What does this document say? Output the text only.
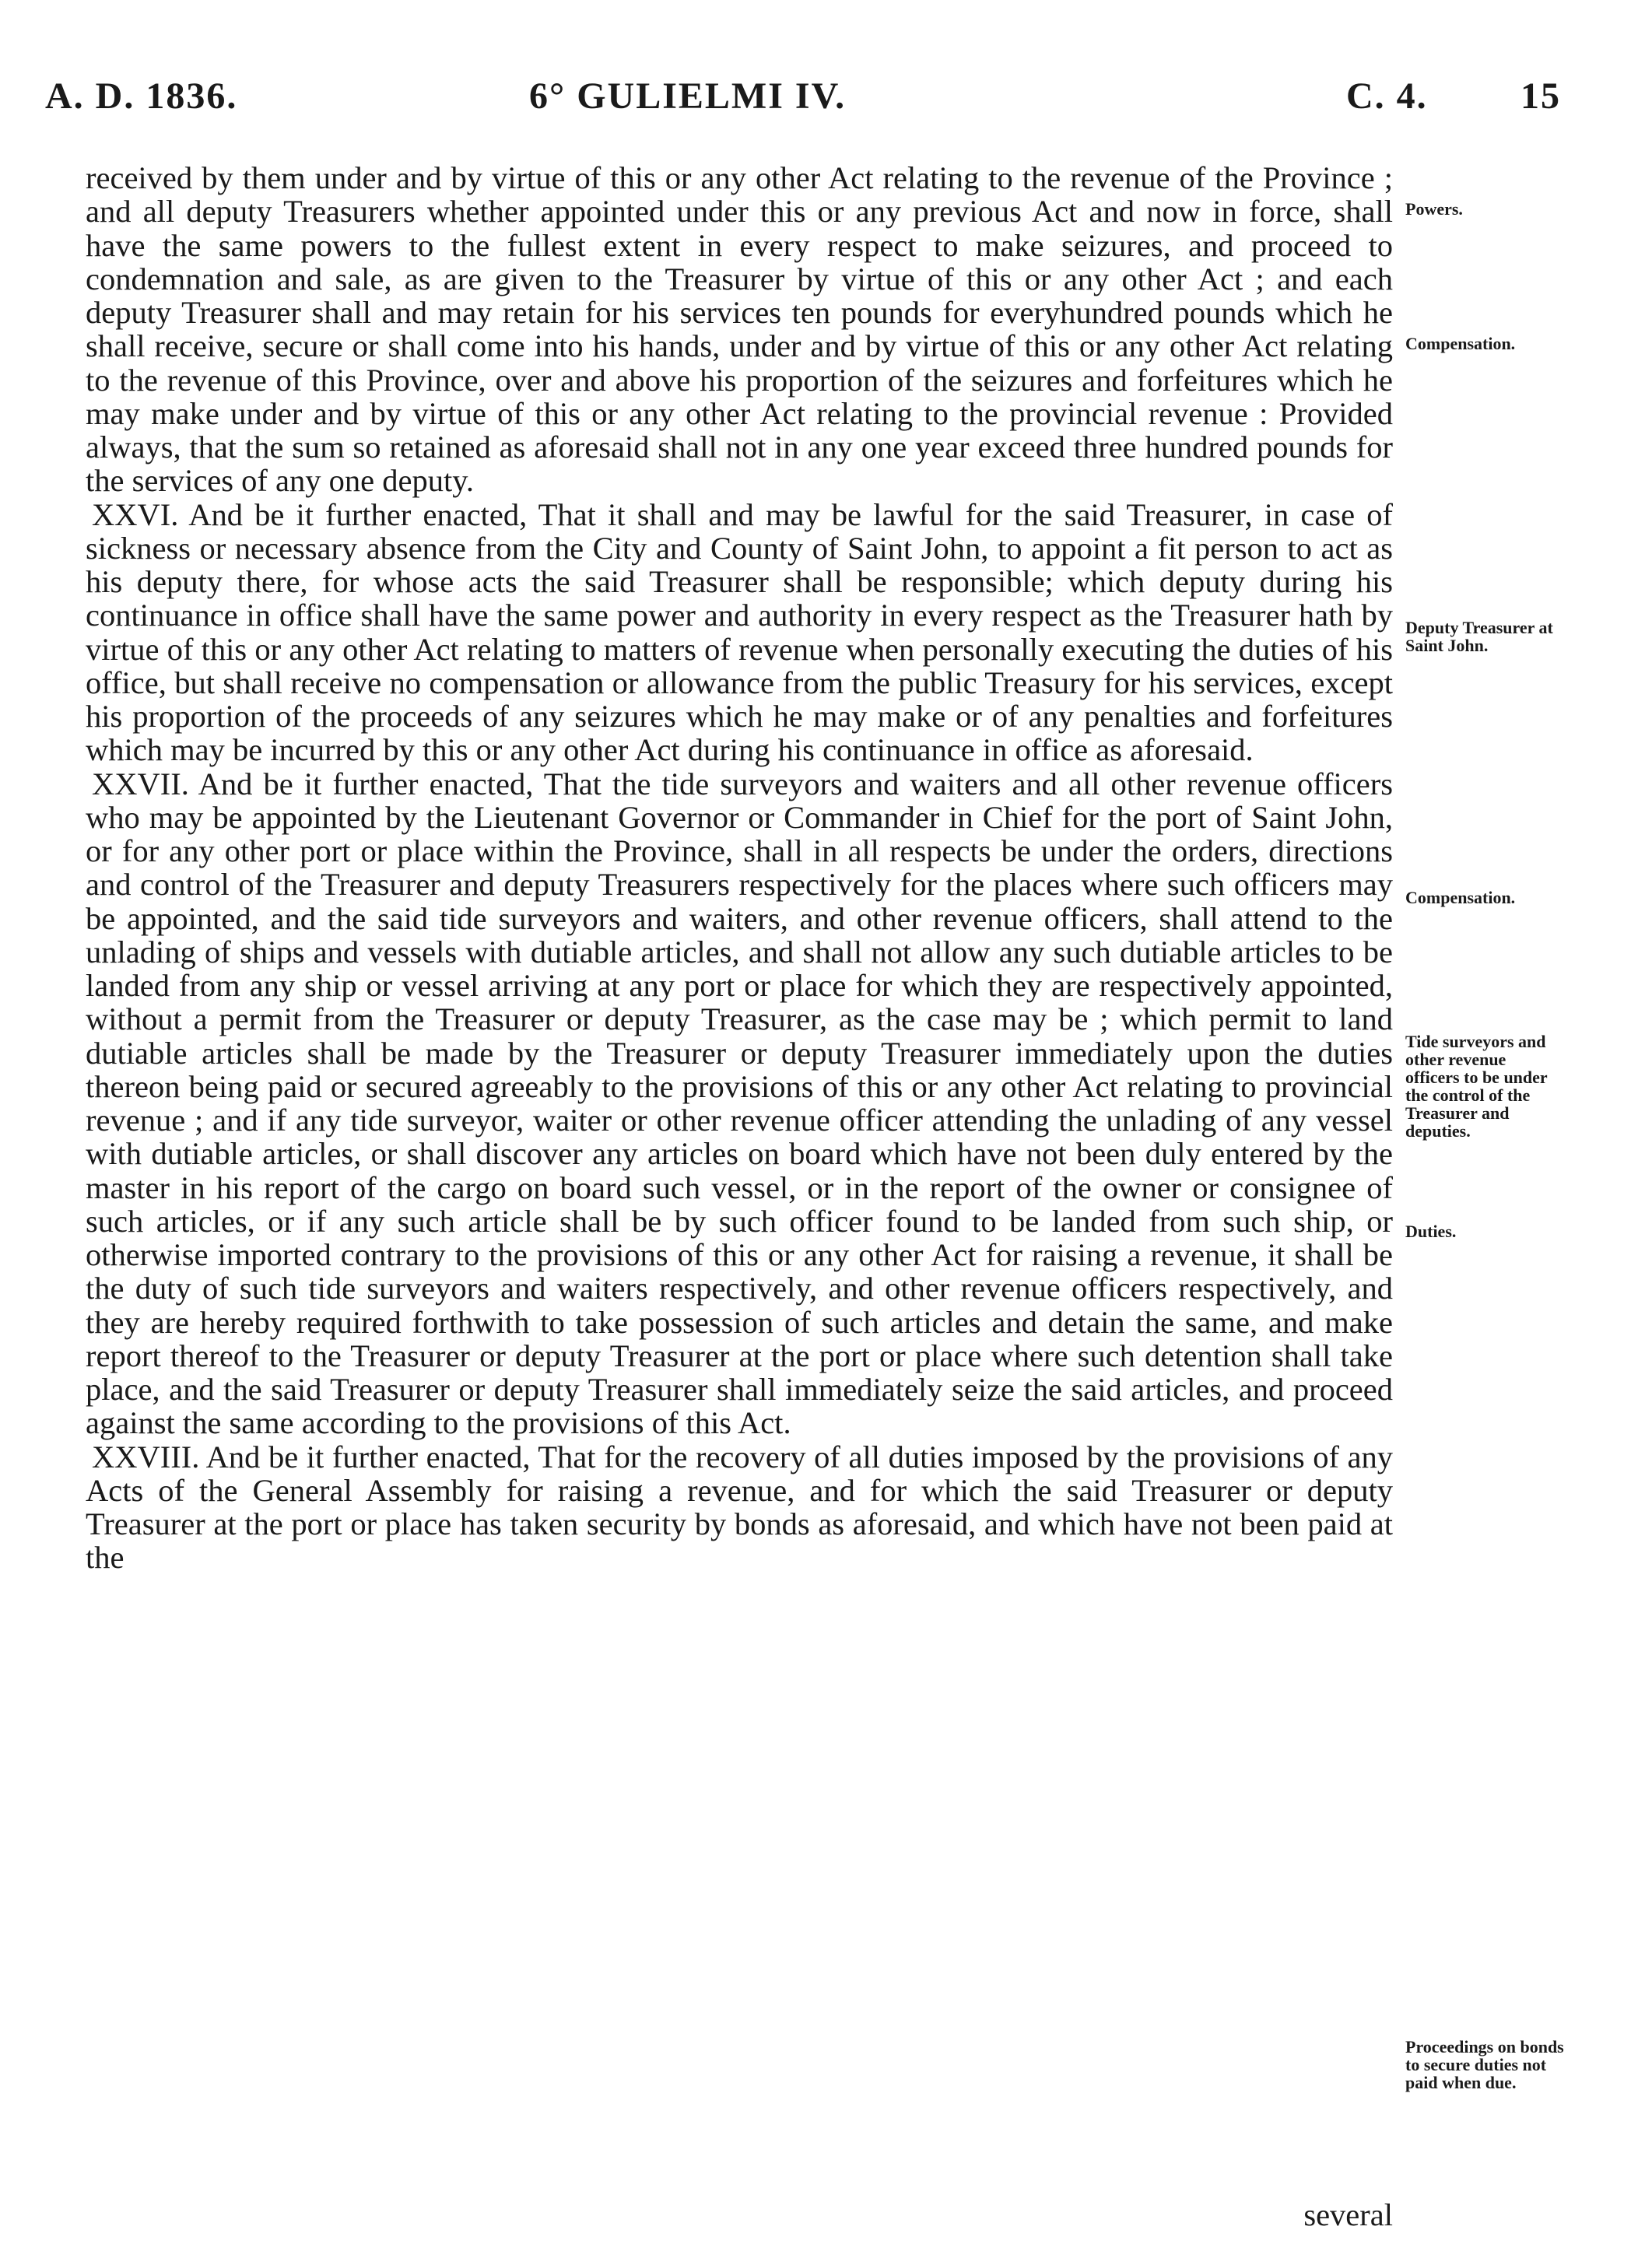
A. D. 1836.	6° GULIELMI IV.	C. 4. 15

received by them under and by virtue of this or any other Act relating to the revenue of the Province ; and all deputy Treasurers whether appointed under this or any previous Act and now in force, shall have the same powers to the fullest extent in every respect to make seizures, and proceed to condemnation and sale, as are given to the Treasurer by virtue of this or any other Act ; and each deputy Treasurer shall and may retain for his services ten pounds for everyhundred pounds which he shall receive, secure or shall come into his hands, under and by virtue of this or any other Act relating to the revenue of this Province, over and above his proportion of the seizures and forfeitures which he may make under and by virtue of this or any other Act relating to the provincial revenue : Provided always, that the sum so retained as aforesaid shall not in any one year exceed three hundred pounds for the services of any one deputy.

XXVI. And be it further enacted, That it shall and may be lawful for the said Treasurer, in case of sickness or necessary absence from the City and County of Saint John, to appoint a fit person to act as his deputy there, for whose acts the said Treasurer shall be responsible; which deputy during his continuance in office shall have the same power and authority in every respect as the Treasurer hath by virtue of this or any other Act relating to matters of revenue when personally executing the duties of his office, but shall receive no compensation or allowance from the public Treasury for his services, except his proportion of the proceeds of any seizures which he may make or of any penalties and forfeitures which may be incurred by this or any other Act during his continuance in office as aforesaid.

XXVII. And be it further enacted, That the tide surveyors and waiters and all other revenue officers who may be appointed by the Lieutenant Governor or Commander in Chief for the port of Saint John, or for any other port or place within the Province, shall in all respects be under the orders, directions and control of the Treasurer and deputy Treasurers respectively for the places where such officers may be appointed, and the said tide surveyors and waiters, and other revenue officers, shall attend to the unlading of ships and vessels with dutiable articles, and shall not allow any such dutiable articles to be landed from any ship or vessel arriving at any port or place for which they are respectively appointed, without a permit from the Treasurer or deputy Treasurer, as the case may be ; which permit to land dutiable articles shall be made by the Treasurer or deputy Treasurer immediately upon the duties thereon being paid or secured agreeably to the provisions of this or any other Act relating to provincial revenue ; and if any tide surveyor, waiter or other revenue officer attending the unlading of any vessel with dutiable articles, or shall discover any articles on board which have not been duly entered by the master in his report of the cargo on board such vessel, or in the report of the owner or consignee of such articles, or if any such article shall be by such officer found to be landed from such ship, or otherwise imported contrary to the provisions of this or any other Act for raising a revenue, it shall be the duty of such tide surveyors and waiters respectively, and other revenue officers respectively, and they are hereby required forthwith to take possession of such articles and detain the same, and make report thereof to the Treasurer or deputy Treasurer at the port or place where such detention shall take place, and the said Treasurer or deputy Treasurer shall immediately seize the said articles, and proceed against the same according to the provisions of this Act.

XXVIII. And be it further enacted, That for the recovery of all duties imposed by the provisions of any Acts of the General Assembly for raising a revenue, and for which the said Treasurer or deputy Treasurer at the port or place has taken security by bonds as aforesaid, and which have not been paid at the

several
Powers.
Compensation.
Deputy Treasurer at Saint John.
Compensation.
Tide surveyors and other revenue officers to be under the control of the Treasurer and deputies.
Duties.
Proceedings on bonds to secure duties not paid when due.
